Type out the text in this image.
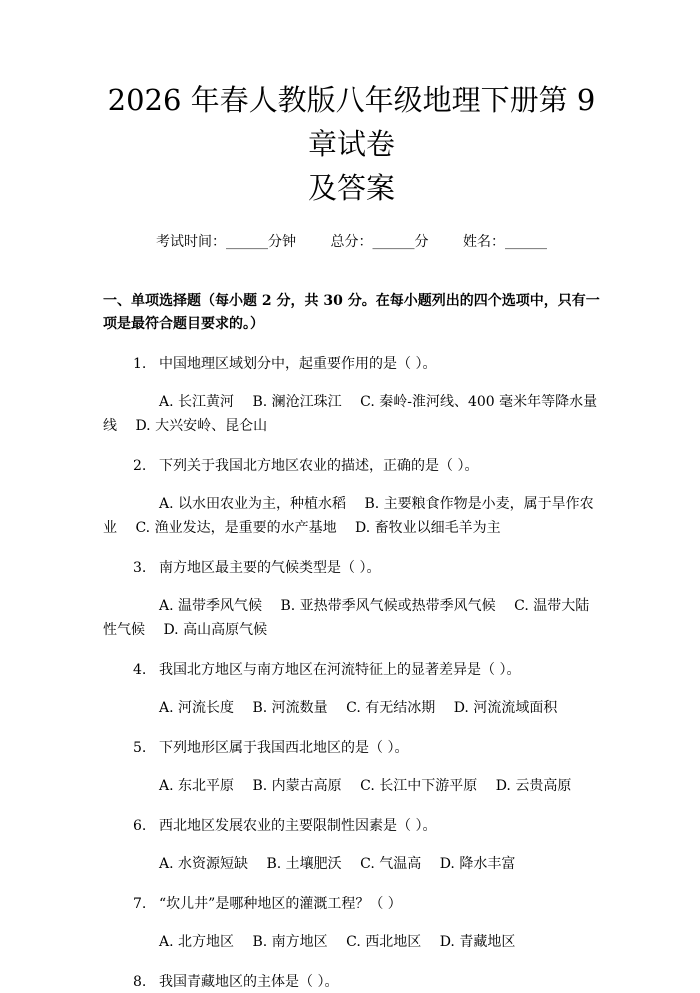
2026 年春人教版八年级地理下册第 9 章试卷
及答案
考试时间：______分钟 总分：______分 姓名：______
一、单项选择题（每小题 2 分，共 30 分。在每小题列出的四个选项中，只有一项是最符合题目要求的。）
1. 中国地理区域划分中，起重要作用的是（ ）。
A. 长江黄河 B. 澜沧江珠江 C. 秦岭-淮河线、400 毫米年等降水量线 D. 大兴安岭、昆仑山
2. 下列关于我国北方地区农业的描述，正确的是（ ）。
A. 以水田农业为主，种植水稻 B. 主要粮食作物是小麦，属于旱作农业 C. 渔业发达，是重要的水产基地 D. 畜牧业以细毛羊为主
3. 南方地区最主要的气候类型是（ ）。
A. 温带季风气候 B. 亚热带季风气候或热带季风气候 C. 温带大陆性气候 D. 高山高原气候
4. 我国北方地区与南方地区在河流特征上的显著差异是（ ）。
A. 河流长度 B. 河流数量 C. 有无结冰期 D. 河流流域面积
5. 下列地形区属于我国西北地区的是（ ）。
A. 东北平原 B. 内蒙古高原 C. 长江中下游平原 D. 云贵高原
6. 西北地区发展农业的主要限制性因素是（ ）。
A. 水资源短缺 B. 土壤肥沃 C. 气温高 D. 降水丰富
7. “坎儿井”是哪种地区的灌溉工程？（ ）
A. 北方地区 B. 南方地区 C. 西北地区 D. 青藏地区
8. 我国青藏地区的主体是（ ）。
